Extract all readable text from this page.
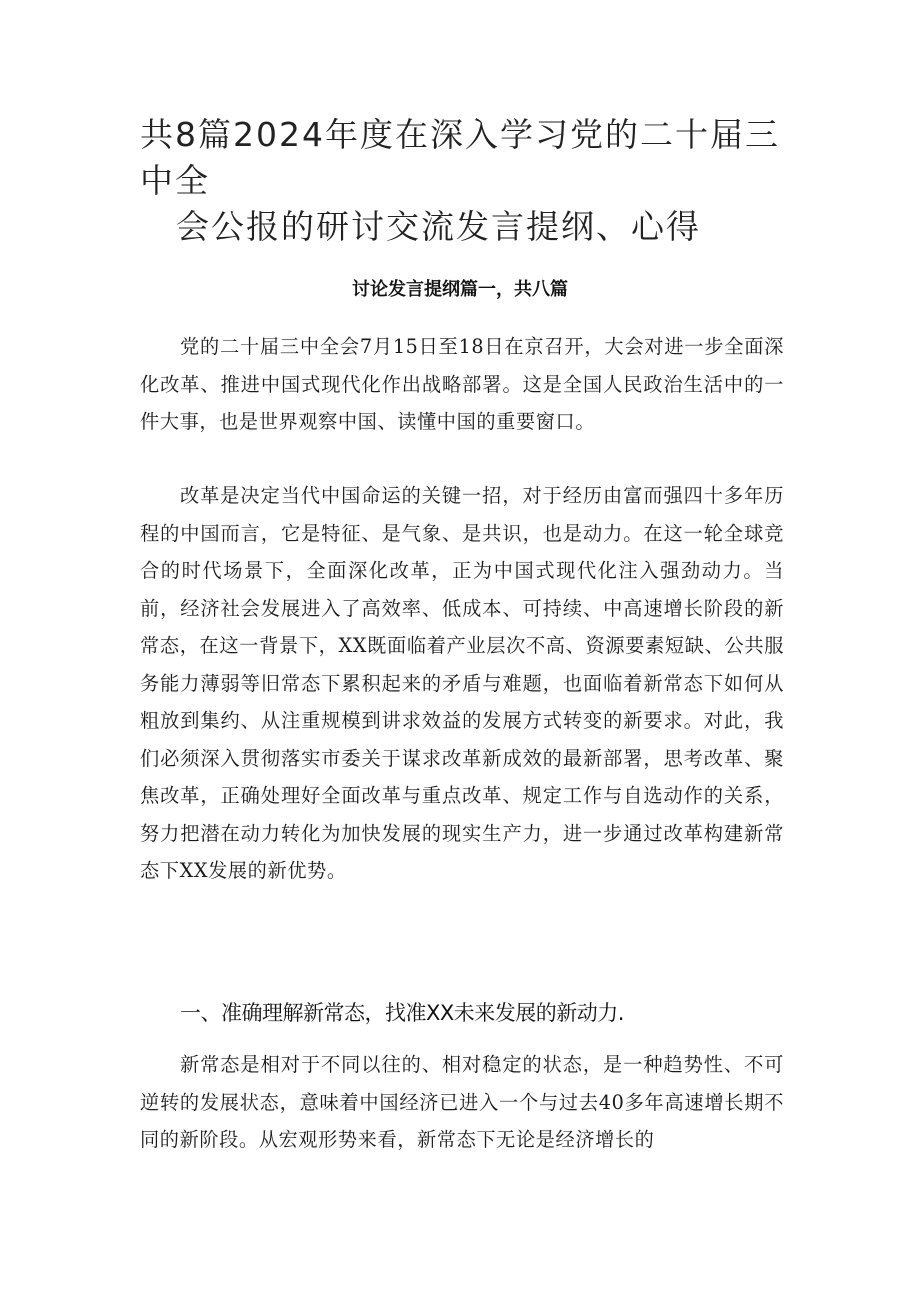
共8篇2024年度在深入学习党的二十届三中全
会公报的研讨交流发言提纲、心得
讨论发言提纲篇一，共八篇

党的二十届三中全会7月15日至18日在京召开，大会对进一步全面深化改革、推进中国式现代化作出战略部署。这是全国人民政治生活中的一件大事，也是世界观察中国、读懂中国的重要窗口。

改革是决定当代中国命运的关键一招，对于经历由富而强四十多年历程的中国而言，它是特征、是气象、是共识，也是动力。在这一轮全球竞合的时代场景下，全面深化改革，正为中国式现代化注入强劲动力。当前，经济社会发展进入了高效率、低成本、可持续、中高速增长阶段的新常态，在这一背景下，XX既面临着产业层次不高、资源要素短缺、公共服务能力薄弱等旧常态下累积起来的矛盾与难题，也面临着新常态下如何从粗放到集约、从注重规模到讲求效益的发展方式转变的新要求。对此，我们必须深入贯彻落实市委关于谋求改革新成效的最新部署，思考改革、聚焦改革，正确处理好全面改革与重点改革、规定工作与自选动作的关系，努力把潜在动力转化为加快发展的现实生产力，进一步通过改革构建新常态下XX发展的新优势。

一、准确理解新常态，找准XX未来发展的新动力.

新常态是相对于不同以往的、相对稳定的状态，是一种趋势性、不可逆转的发展状态，意味着中国经济已进入一个与过去40多年高速增长期不同的新阶段。从宏观形势来看，新常态下无论是经济增长的
